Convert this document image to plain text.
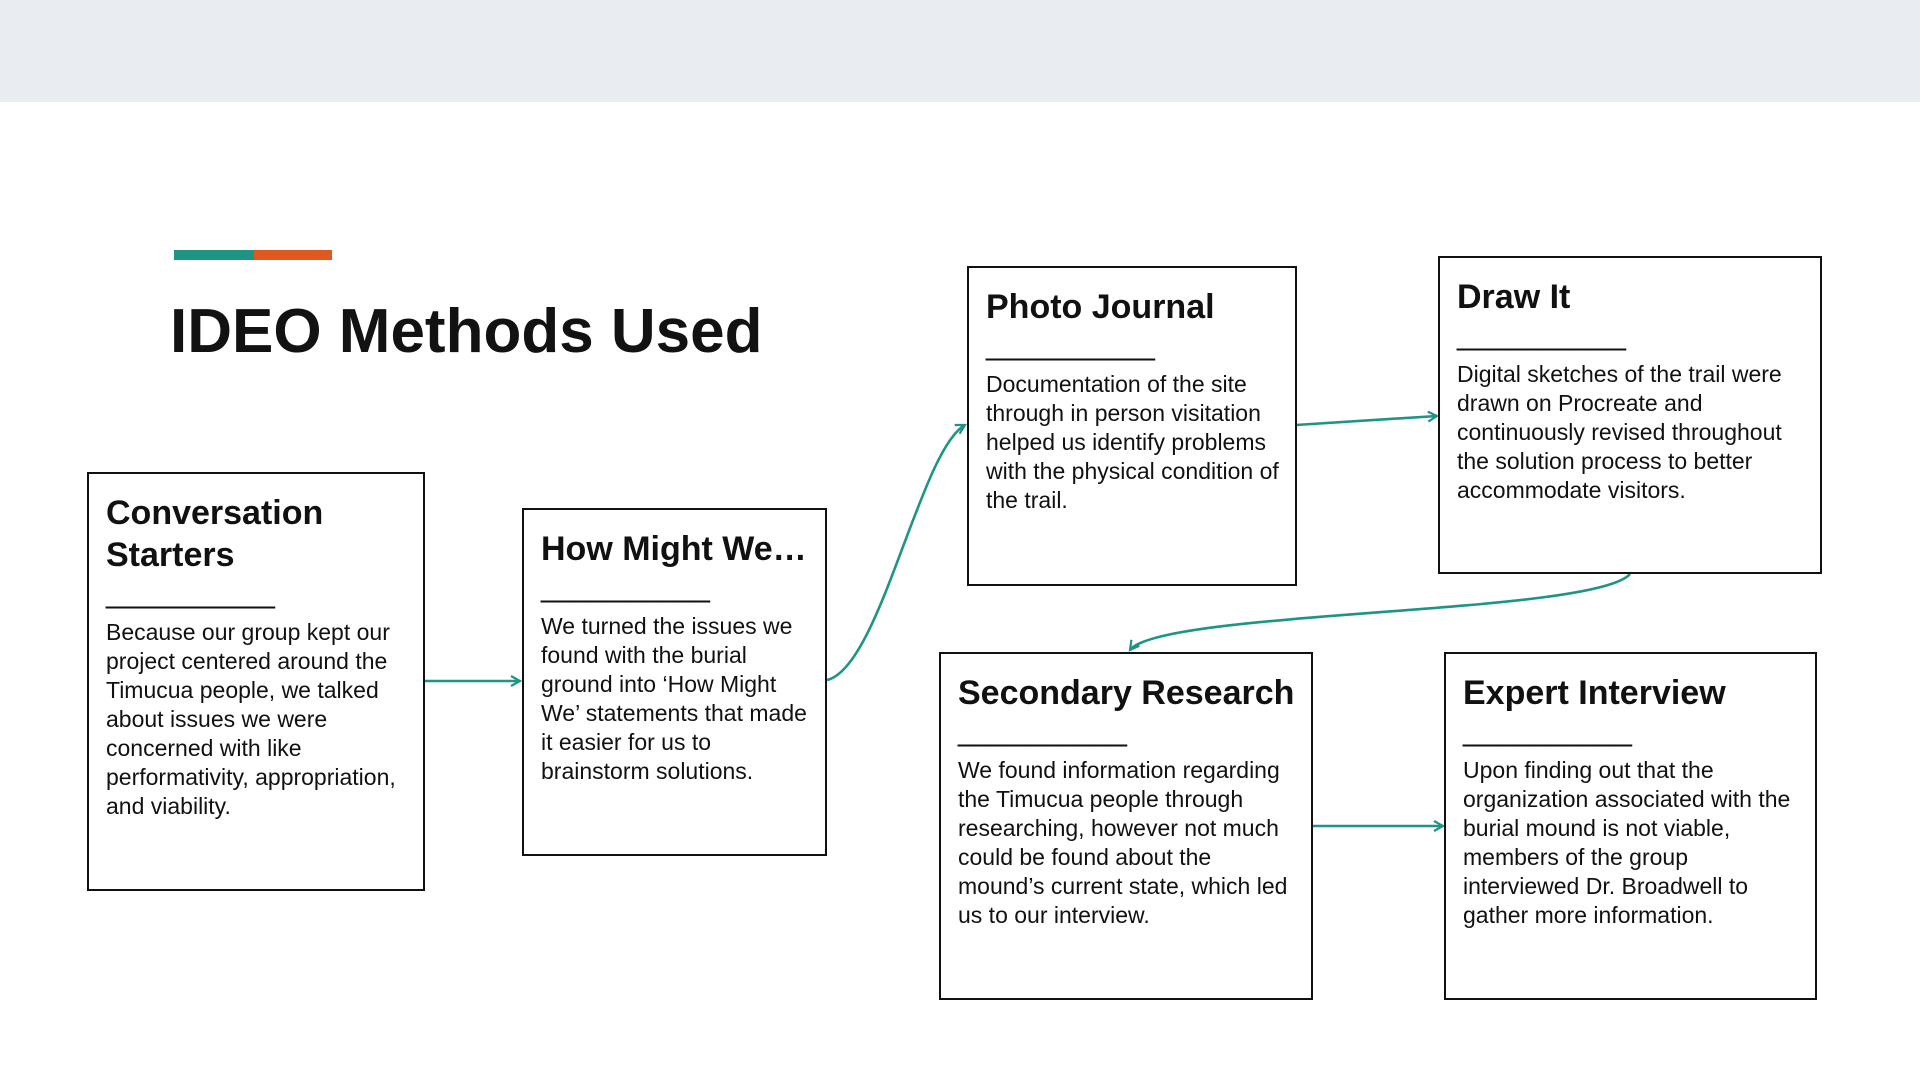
IDEO Methods Used

Conversation Starters

__________

Because our group kept our project centered around the Timucua people, we talked about issues we were concerned with like performativity, appropriation, and viability.

How Might We…

__________

We turned the issues we found with the burial ground into ‘How Might We’ statements that made it easier for us to brainstorm solutions.

Photo Journal

__________

Documentation of the site through in person visitation helped us identify problems with the physical condition of the trail.

Draw It

__________

Digital sketches of the trail were drawn on Procreate and continuously revised throughout the solution process to better accommodate visitors.

Secondary Research

__________

We found information regarding the Timucua people through researching, however not much could be found about the mound’s current state, which led us to our interview.

Expert Interview

__________

Upon finding out that the organization associated with the burial mound is not viable, members of the group interviewed Dr. Broadwell to gather more information.
